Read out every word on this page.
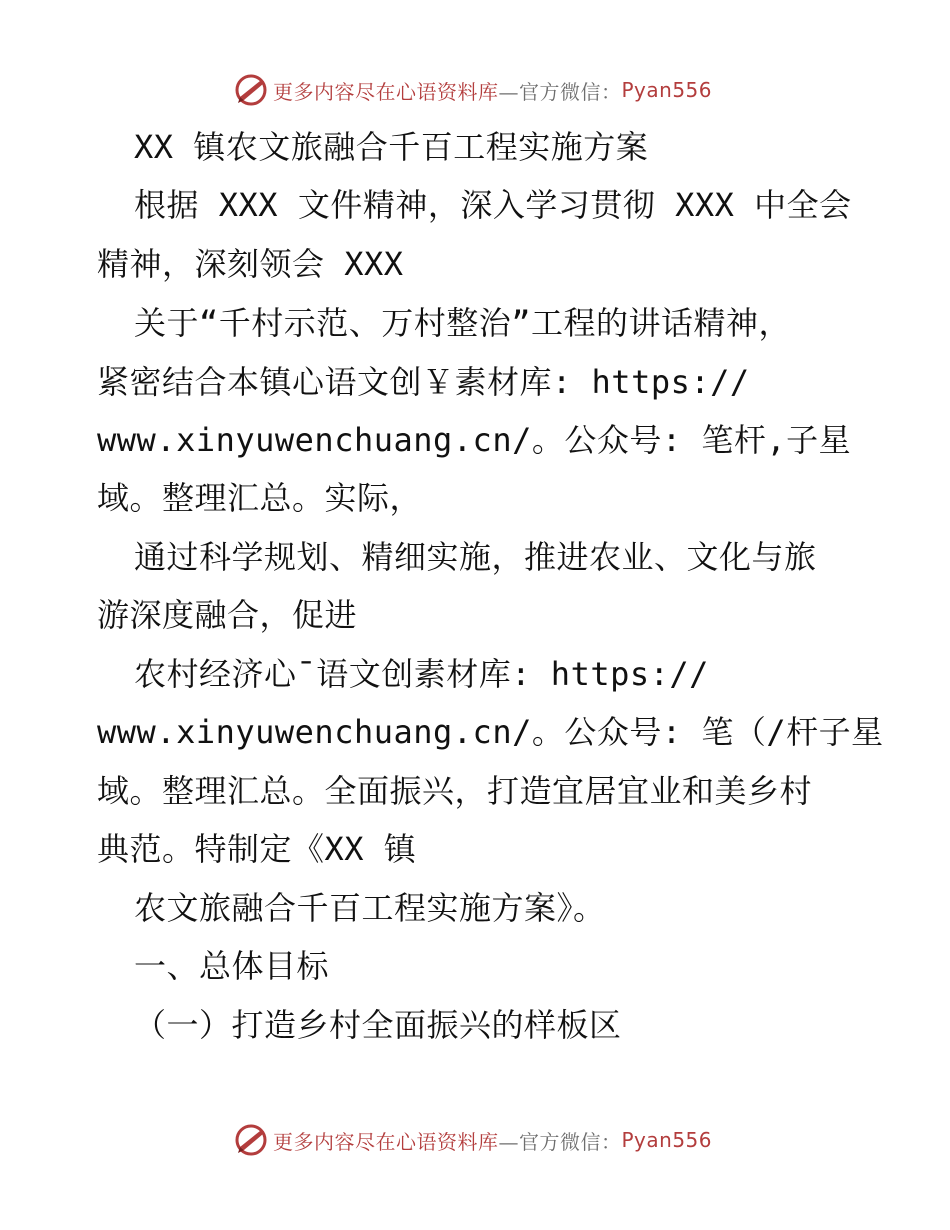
更多内容尽在心语资料库 —官方微信： Pyan556
XX 镇农文旅融合千百工程实施方案
根据 XXX 文件精神，深入学习贯彻 XXX 中全会
精神，深刻领会 XXX
关于“千村示范、万村整治”工程的讲话精神，
紧密结合本镇心语文创￥素材库: https://
www.xinyuwenchuang.cn/。公众号: 笔杆,子星
域。整理汇总。实际，
通过科学规划、精细实施，推进农业、文化与旅
游深度融合，促进
农村经济心¯语文创素材库: https://
www.xinyuwenchuang.cn/。公众号: 笔（/杆子星
域。整理汇总。全面振兴，打造宜居宜业和美乡村
典范。特制定《XX 镇
农文旅融合千百工程实施方案》。
一、总体目标
（一）打造乡村全面振兴的样板区
更多内容尽在心语资料库 —官方微信： Pyan556
